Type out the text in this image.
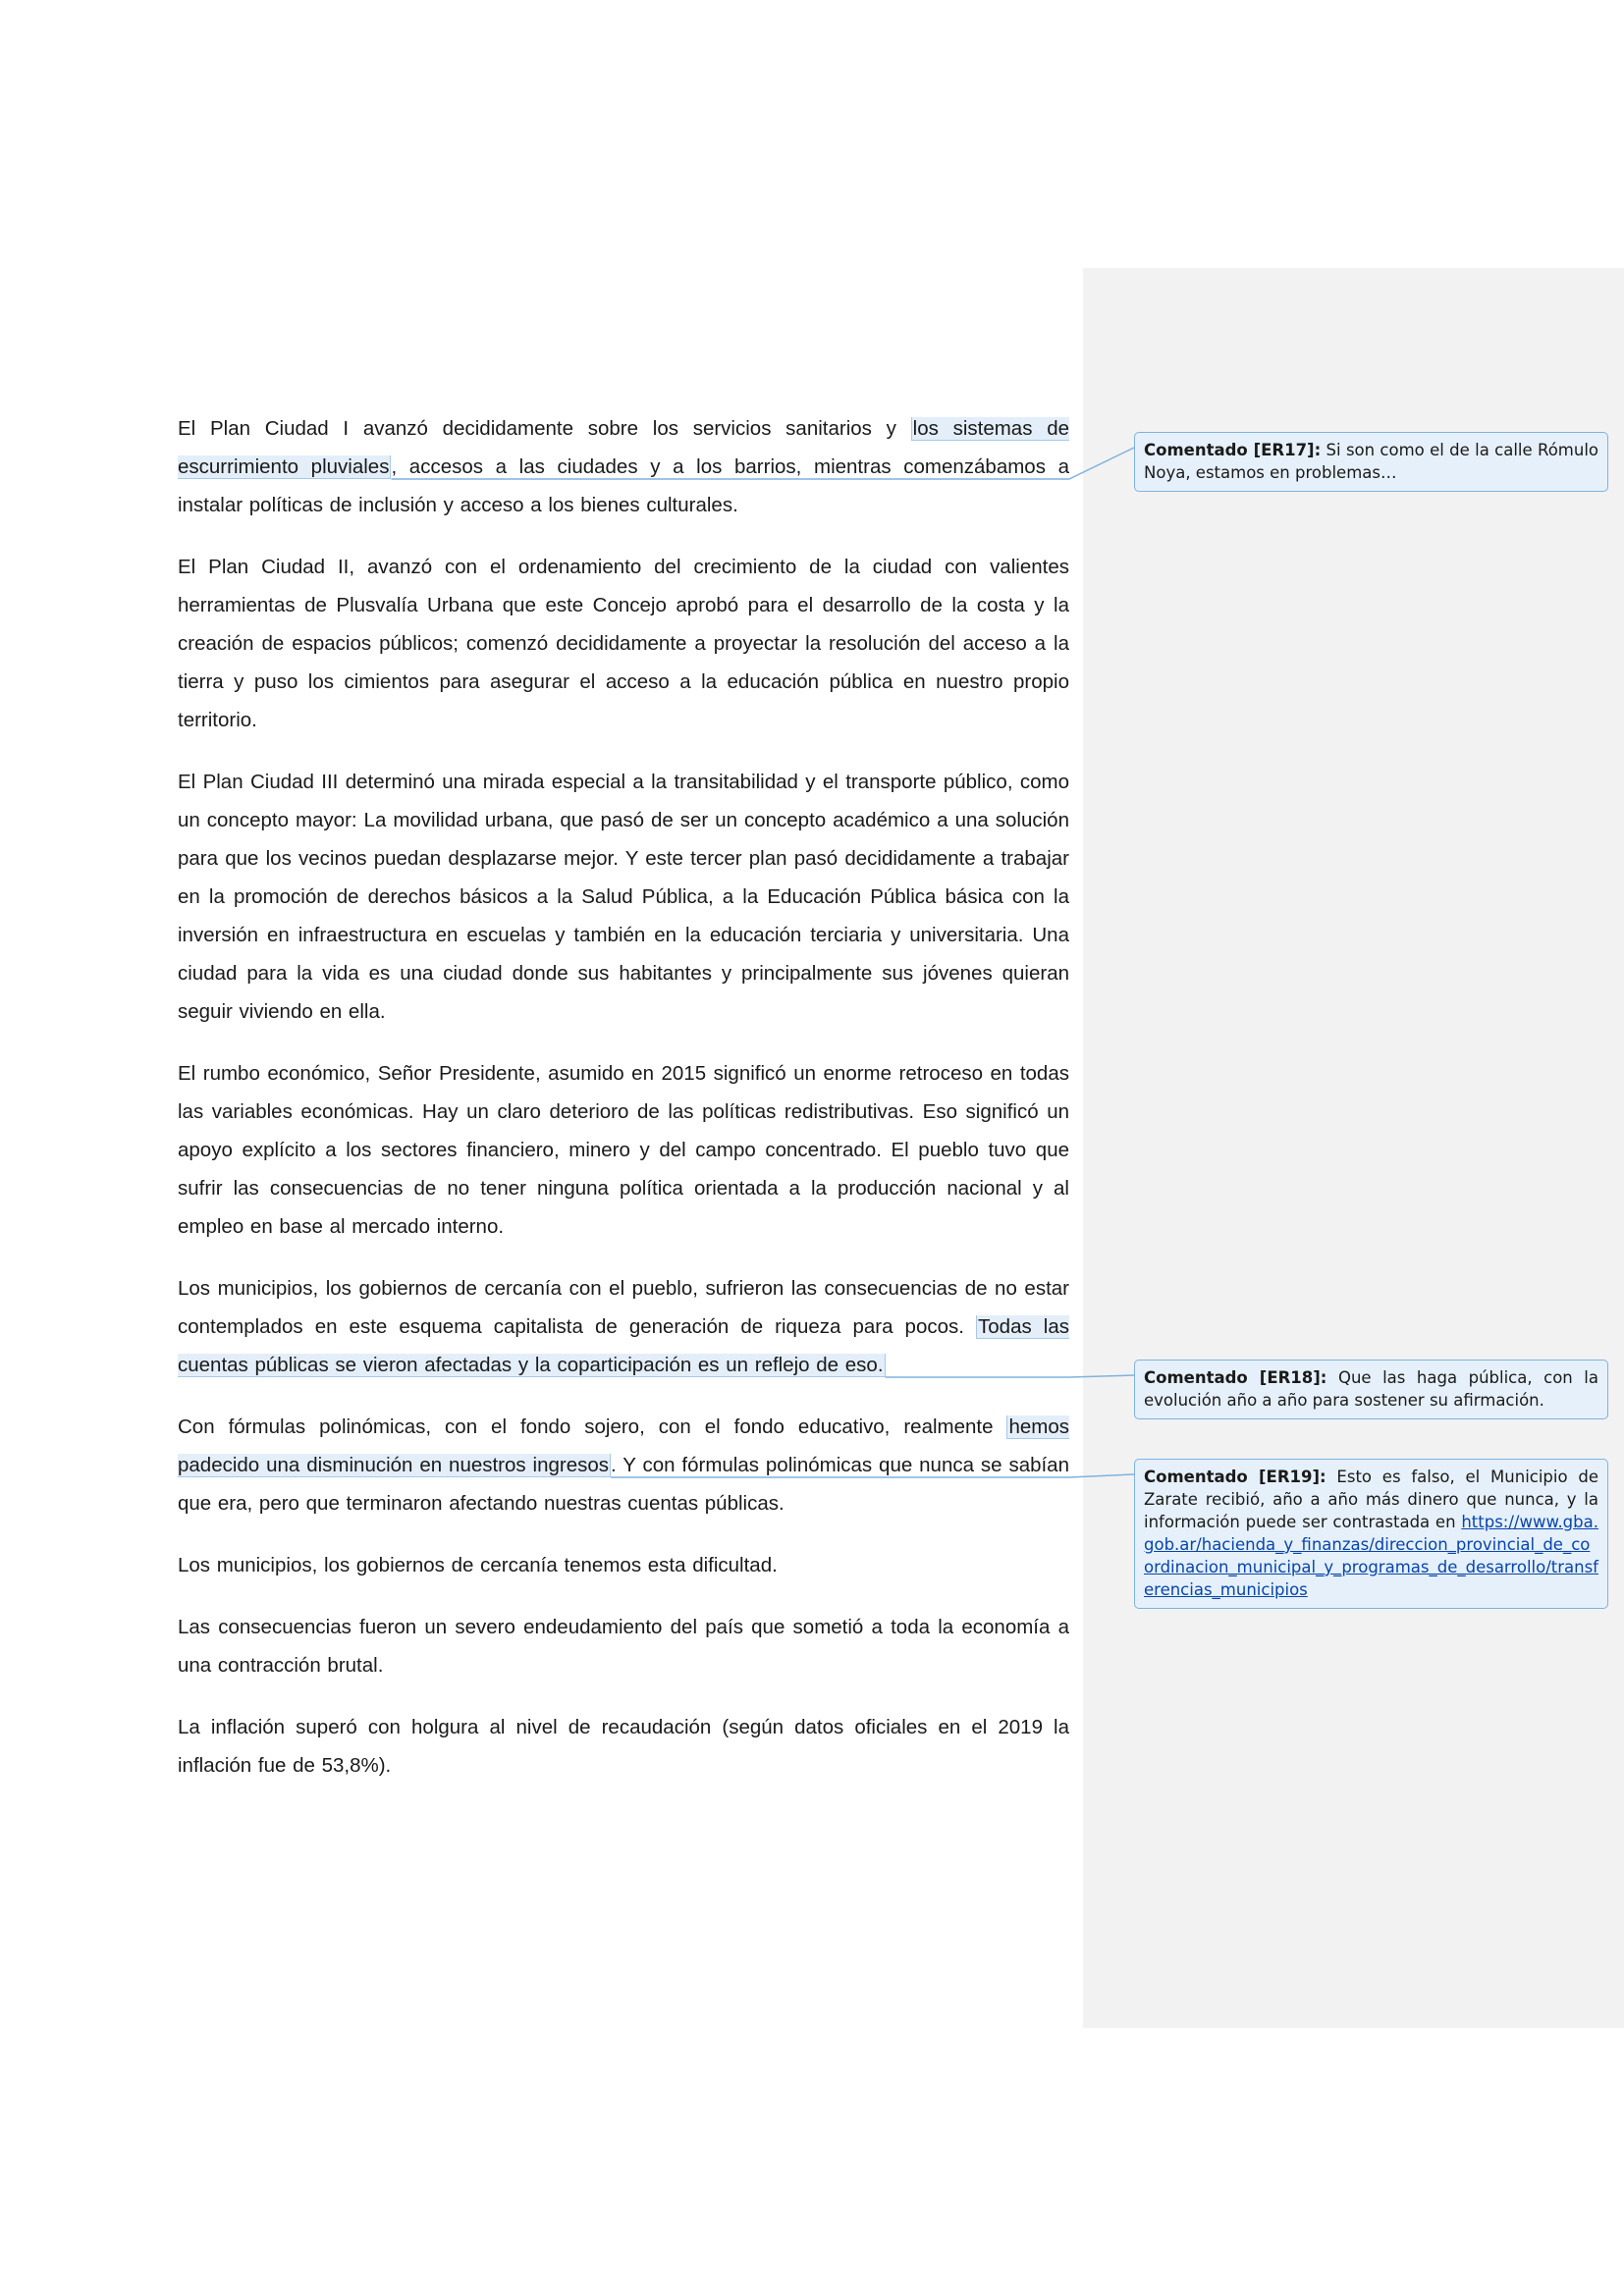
El Plan Ciudad I avanzó decididamente sobre los servicios sanitarios y los sistemas de escurrimiento pluviales, accesos a las ciudades y a los barrios, mientras comenzábamos a instalar políticas de inclusión y acceso a los bienes culturales.

El Plan Ciudad II, avanzó con el ordenamiento del crecimiento de la ciudad con valientes herramientas de Plusvalía Urbana que este Concejo aprobó para el desarrollo de la costa y la creación de espacios públicos; comenzó decididamente a proyectar la resolución del acceso a la tierra y puso los cimientos para asegurar el acceso a la educación pública en nuestro propio territorio.

El Plan Ciudad III determinó una mirada especial a la transitabilidad y el transporte público, como un concepto mayor: La movilidad urbana, que pasó de ser un concepto académico a una solución para que los vecinos puedan desplazarse mejor. Y este tercer plan pasó decididamente a trabajar en la promoción de derechos básicos a la Salud Pública, a la Educación Pública básica con la inversión en infraestructura en escuelas y también en la educación terciaria y universitaria. Una ciudad para la vida es una ciudad donde sus habitantes y principalmente sus jóvenes quieran seguir viviendo en ella.

El rumbo económico, Señor Presidente, asumido en 2015 significó un enorme retroceso en todas las variables económicas. Hay un claro deterioro de las políticas redistributivas. Eso significó un apoyo explícito a los sectores financiero, minero y del campo concentrado. El pueblo tuvo que sufrir las consecuencias de no tener ninguna política orientada a la producción nacional y al empleo en base al mercado interno.

Los municipios, los gobiernos de cercanía con el pueblo, sufrieron las consecuencias de no estar contemplados en este esquema capitalista de generación de riqueza para pocos. Todas las cuentas públicas se vieron afectadas y la coparticipación es un reflejo de eso.

Con fórmulas polinómicas, con el fondo sojero, con el fondo educativo, realmente hemos padecido una disminución en nuestros ingresos. Y con fórmulas polinómicas que nunca se sabían que era, pero que terminaron afectando nuestras cuentas públicas.

Los municipios, los gobiernos de cercanía tenemos esta dificultad.

Las consecuencias fueron un severo endeudamiento del país que sometió a toda la economía a una contracción brutal.

La inflación superó con holgura al nivel de recaudación (según datos oficiales en el 2019 la inflación fue de 53,8%).

Comentado [ER17]: Si son como el de la calle Rómulo Noya, estamos en problemas…
Comentado [ER18]: Que las haga pública, con la evolución año a año para sostener su afirmación.
Comentado [ER19]: Esto es falso, el Municipio de Zarate recibió, año a año más dinero que nunca, y la información puede ser contrastada en https://www.gba.gob.ar/hacienda_y_finanzas/direccion_provincial_de_coordinacion_municipal_y_programas_de_desarrollo/transferencias_municipios
